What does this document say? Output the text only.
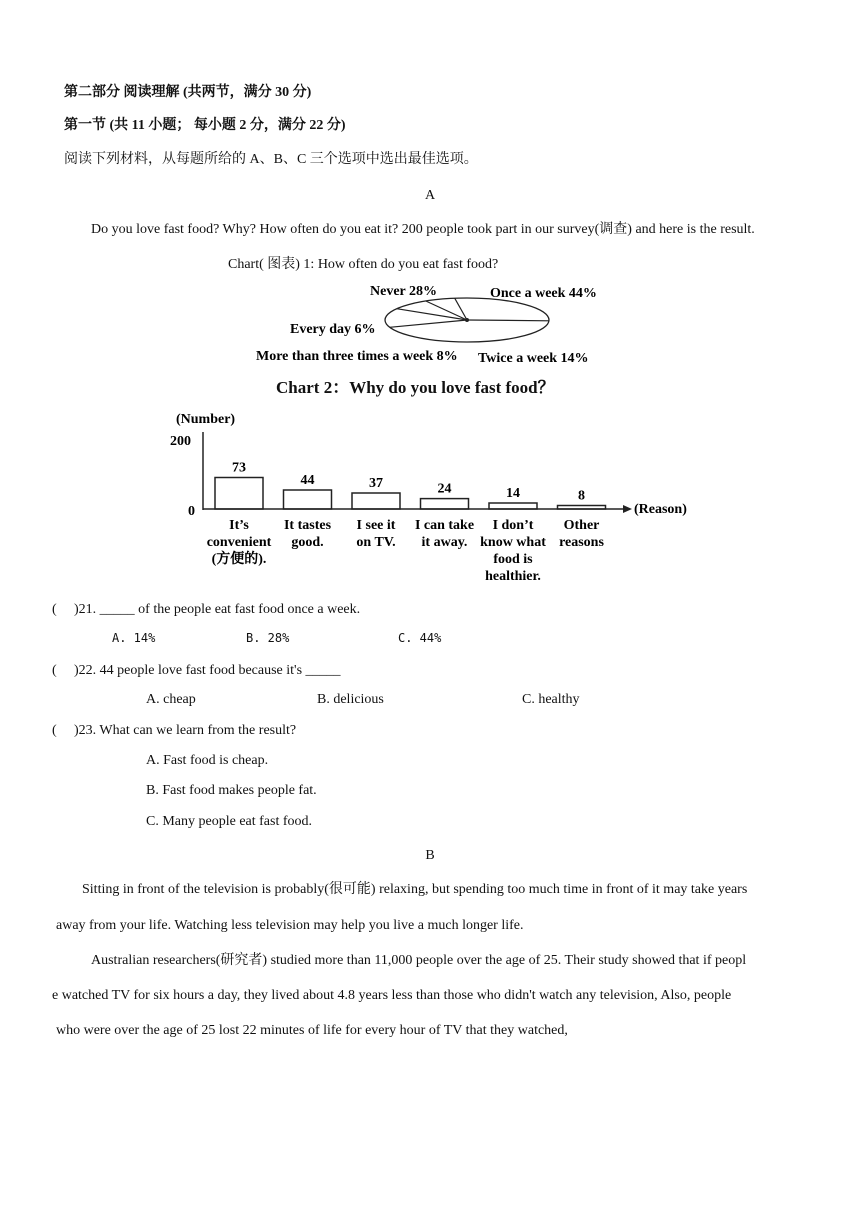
第二部分 阅读理解 (共两节，满分 30 分)
第一节 (共 11 小题； 每小题 2 分，满分 22 分)
阅读下列材料，从每题所给的 A、B、C 三个选项中选出最佳选项。
A
Do you love fast food? Why? How often do you eat it? 200 people took part in our survey(调查) and here is the result.
Chart( 图表) 1: How often do you eat fast food?
Never 28%	Once a week 44%
Every day 6%
More than three times a week 8% Twice a week 14%
Chart 2：Why do you love fast food？
(Number)
200
0	(Reason)
73
It’s
convenient
(方便的).
44
It tastes
good.
37
I see it
on TV.
24
I can take
it away.
14
I don’t
know what
food is
healthier.
8
Other
reasons
( )21. _____ of the people eat fast food once a week.
A. 14%	B. 28%	C. 44%
( )22. 44 people love fast food because it's _____
A. cheap	B. delicious	C. healthy
( )23. What can we learn from the result?
A. Fast food is cheap.
B. Fast food makes people fat.
C. Many people eat fast food.
B
Sitting in front of the television is probably(很可能) relaxing, but spending too much time in front of it may take years
away from your life. Watching less television may help you live a much longer life.
Australian researchers(研究者) studied more than 11,000 people over the age of 25. Their study showed that if peopl
e watched TV for six hours a day, they lived about 4.8 years less than those who didn't watch any television, Also, people
who were over the age of 25 lost 22 minutes of life for every hour of TV that they watched,
